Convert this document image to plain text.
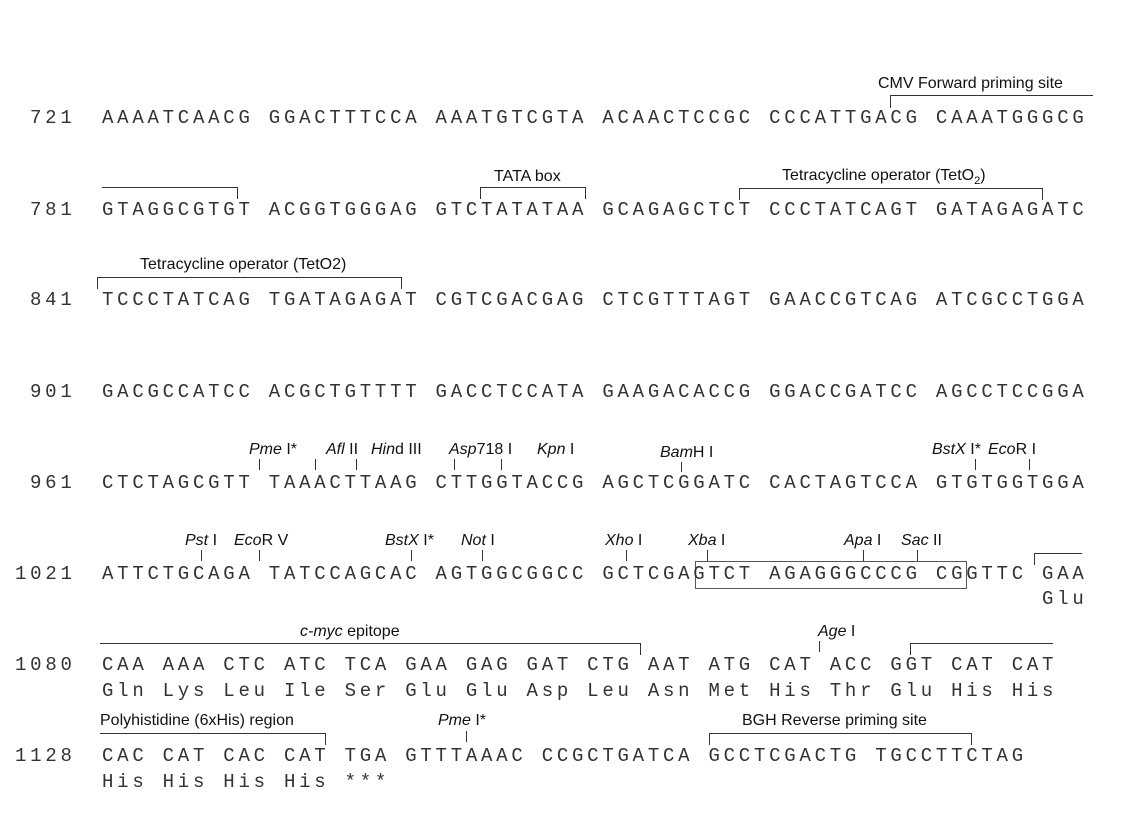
721 AAAATCAACG GGACTTTCCA AAATGTCGTA ACAACTCCGC CCCATTGACG CAAATGGGCG
CMV Forward priming site
TATA box	Tetracycline operator (TetO$_2$)
781 GTAGGCGTGT ACGGTGGGAG GTCTATATAA GCAGAGCTCT CCCTATCAGT GATAGAGATC
Tetracycline operator (TetO2)
841 TCCCTATCAG TGATAGAGAT CGTCGACGAG CTCGTTTAGT GAACCGTCAG ATCGCCTGGA
901 GACGCCATCC ACGCTGTTTT GACCTCCATA GAAGACACCG GGACCGATCC AGCCTCCGGA
Pme I* Afl II Hind III Asp718 I Kpn I	BamH I	BstX I* EcoR I
961 CTCTAGCGTT TAAACTTAAG CTTGGTACCG AGCTCGGATC CACTAGTCCA GTGTGGTGGA
Pst I EcoR V	BstX I* Not I	Xho I	Xba I	Apa I Sac II
1021 ATTCTGCAGA TATCCAGCAC AGTGGCGGCC GCTCGAGTCT AGAGGGCCCG CGGTTC GAA
Glu
c-myc epitope	Age I
1080 CAA AAA CTC ATC TCA GAA GAG GAT CTG AAT ATG CAT ACC GGT CAT CAT
Gln Lys Leu Ile Ser Glu Glu Asp Leu Asn Met His Thr Glu His His
Polyhistidine (6xHis) region	Pme I*	BGH Reverse priming site
1128 CAC CAT CAC CAT TGA GTTTAAAC CCGCTGATCA GCCTCGACTG TGCCTTCTAG
His His His His ***
